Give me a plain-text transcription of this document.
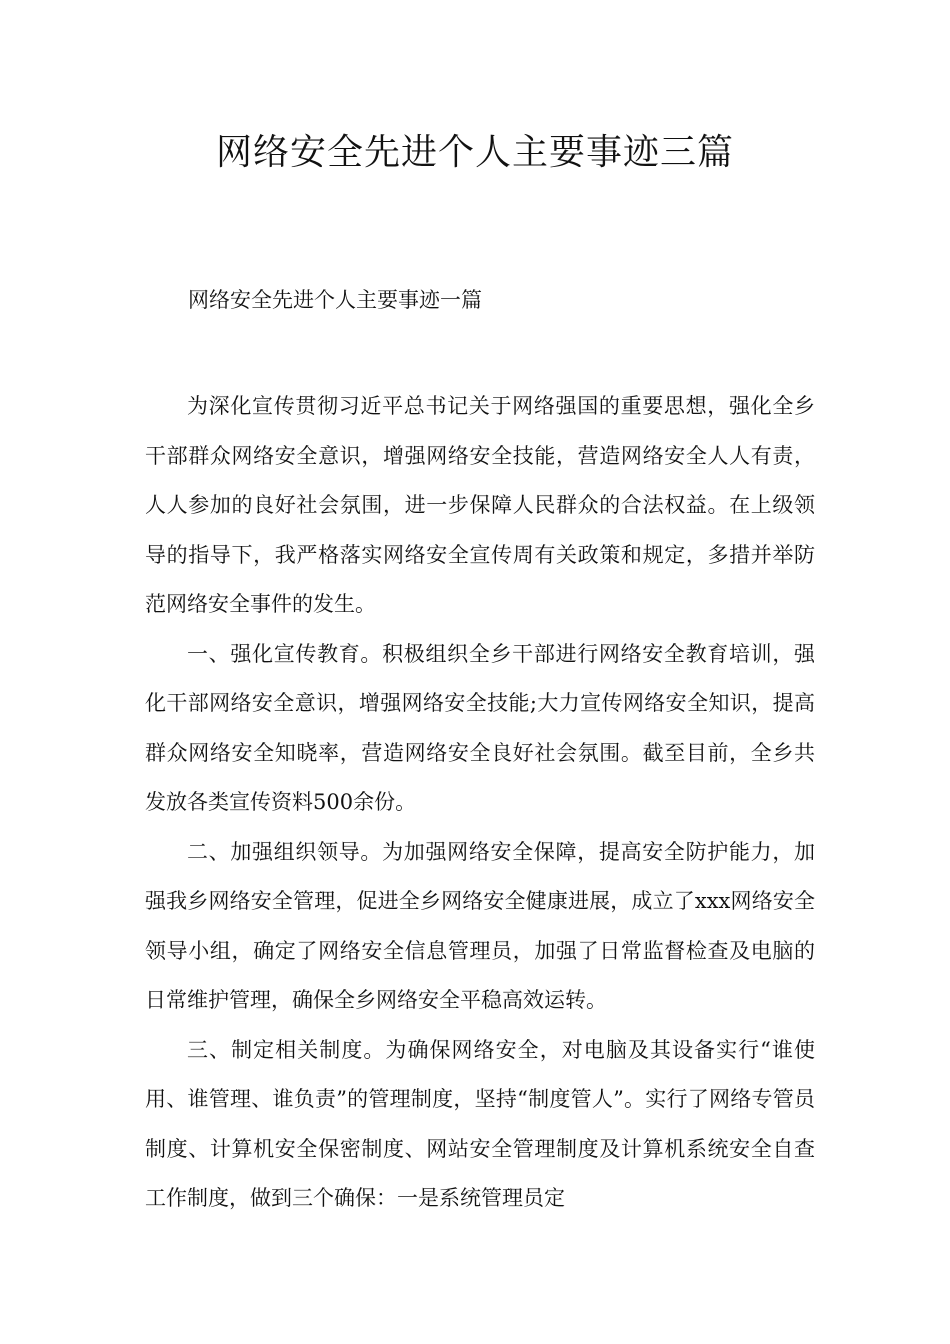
网络安全先进个人主要事迹三篇

网络安全先进个人主要事迹一篇

为深化宣传贯彻习近平总书记关于网络强国的重要思想，强化全乡干部群众网络安全意识，增强网络安全技能，营造网络安全人人有责，人人参加的良好社会氛围，进一步保障人民群众的合法权益。在上级领导的指导下，我严格落实网络安全宣传周有关政策和规定，多措并举防范网络安全事件的发生。

一、强化宣传教育。积极组织全乡干部进行网络安全教育培训，强化干部网络安全意识，增强网络安全技能;大力宣传网络安全知识，提高群众网络安全知晓率，营造网络安全良好社会氛围。截至目前，全乡共发放各类宣传资料500余份。

二、加强组织领导。为加强网络安全保障，提高安全防护能力，加强我乡网络安全管理，促进全乡网络安全健康进展，成立了xxx网络安全领导小组，确定了网络安全信息管理员，加强了日常监督检查及电脑的日常维护管理，确保全乡网络安全平稳高效运转。

三、制定相关制度。为确保网络安全，对电脑及其设备实行“谁使用、谁管理、谁负责”的管理制度，坚持“制度管人”。实行了网络专管员制度、计算机安全保密制度、网站安全管理制度及计算机系统安全自查工作制度，做到三个确保：一是系统管理员定
